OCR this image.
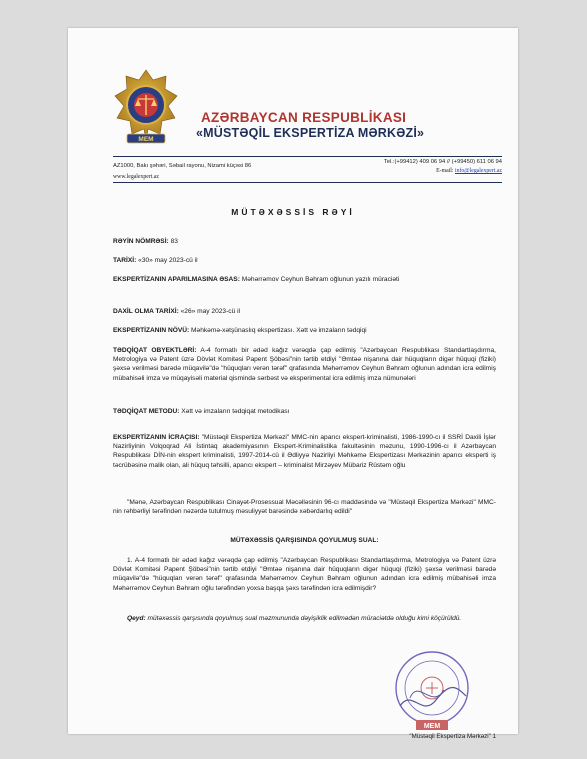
MEM
AZƏRBAYCAN RESPUBLİKASI
«MÜSTƏQİL EKSPERTİZA MƏRKƏZİ»
AZ1000, Bakı şəhəri, Səbail rayonu, Nizami küçəsi 86
www.legalexpert.az
Tel.:(+99412) 409 06 94 // (+99450) 611 06 94
E-mail: info@legalexpert.az
MÜTƏXƏSSİS RƏYİ
RƏYİN NÖMRƏSİ: 83
TARİXİ: «30» may 2023-cü il
EKSPERTİZANIN APARILMASINA ƏSAS: Məhərrəmov Ceyhun Bəhram oğlunun yazılı müraciəti
DAXİL OLMA TARİXİ: «26» may 2023-cü il
EKSPERTİZANIN NÖVÜ: Məhkəmə-xətşünaslıq ekspertizası. Xətt və imzaların tədqiqi
TƏDQİQAT OBYEKTLƏRİ: A-4 formatlı bir ədəd kağız vərəqdə çap edilmiş "Azərbaycan Respublikası Standartlaşdırma, Metrologiya və Patent üzrə Dövlət Komitəsi Papent Şöbəsi"nin tərtib etdiyi "Əmtəə nişanına dair hüquqların digər hüquqi (fiziki) şəxsə verilməsi barədə müqavilə"də "hüquqları verən tərəf" qrafasında Məhərrəmov Ceyhun Bəhram oğlunun adından icra edilmiş mübahisəli imza və müqayisəli material qismində sərbəst və eksperimental icra edilmiş imza nümunələri
TƏDQİQAT METODU: Xətt və imzaların tədqiqat metodikası
EKSPERTİZANIN İCRAÇISI: "Müstəqil Ekspertiza Mərkəzi" MMC-nin aparıcı ekspert-kriminalisti, 1986-1990-cı il SSRİ Daxili İşlər Nazirliyinin Volqoqrad Ali İstintaq akademiyasının Ekspert-Kriminalistika fakultəsinin məzunu, 1990-1996-cı il Azərbaycan Respublikası DİN-nin ekspert kriminalisti, 1997-2014-cü il Ədliyyə Nazirliyi Məhkəmə Ekspertizası Mərkəzinin aparıcı eksperti iş təcrübəsinə malik olan, ali hüquq təhsilli, aparıcı ekspert – kriminalist Mirzəyev Mübariz Rüstəm oğlu
"Mənə, Azərbaycan Respublikası Cinayət-Prosessual Məcəlləsinin 96-cı maddəsində və "Müstəqil Ekspertiza Mərkəzi" MMC-nin rəhbərliyi tərəfindən nəzərdə tutulmuş məsuliyyət barəsində xəbərdarlıq edildi"
MÜTƏXƏSSİS QARŞISINDA QOYULMUŞ SUAL:
1. A-4 formatlı bir ədəd kağız vərəqdə çap edilmiş "Azərbaycan Respublikası Standartlaşdırma, Metrologiya və Patent üzrə Dövlət Komitəsi Papent Şöbəsi"nin tərtib etdiyi "Əmtəə nişanına dair hüquqların digər hüquqi (fiziki) şəxsə verilməsi barədə müqavilə"də "hüquqları verən tərəf" qrafasında Məhərrəmov Ceyhun Bəhram oğlunun adından icra edilmiş mübahisəli imza Məhərrəmov Ceyhun Bəhram oğlu tərəfindən yoxsa başqa şəxs tərəfindən icra edilmişdir?
Qeyd: mütəxəssis qarşısında qoyulmuş sual məzmununda dəyişiklik edilmədən müraciətdə olduğu kimi köçürüldü.
MEM
"Müstəqil Ekspertiza Mərkəzi" 1
